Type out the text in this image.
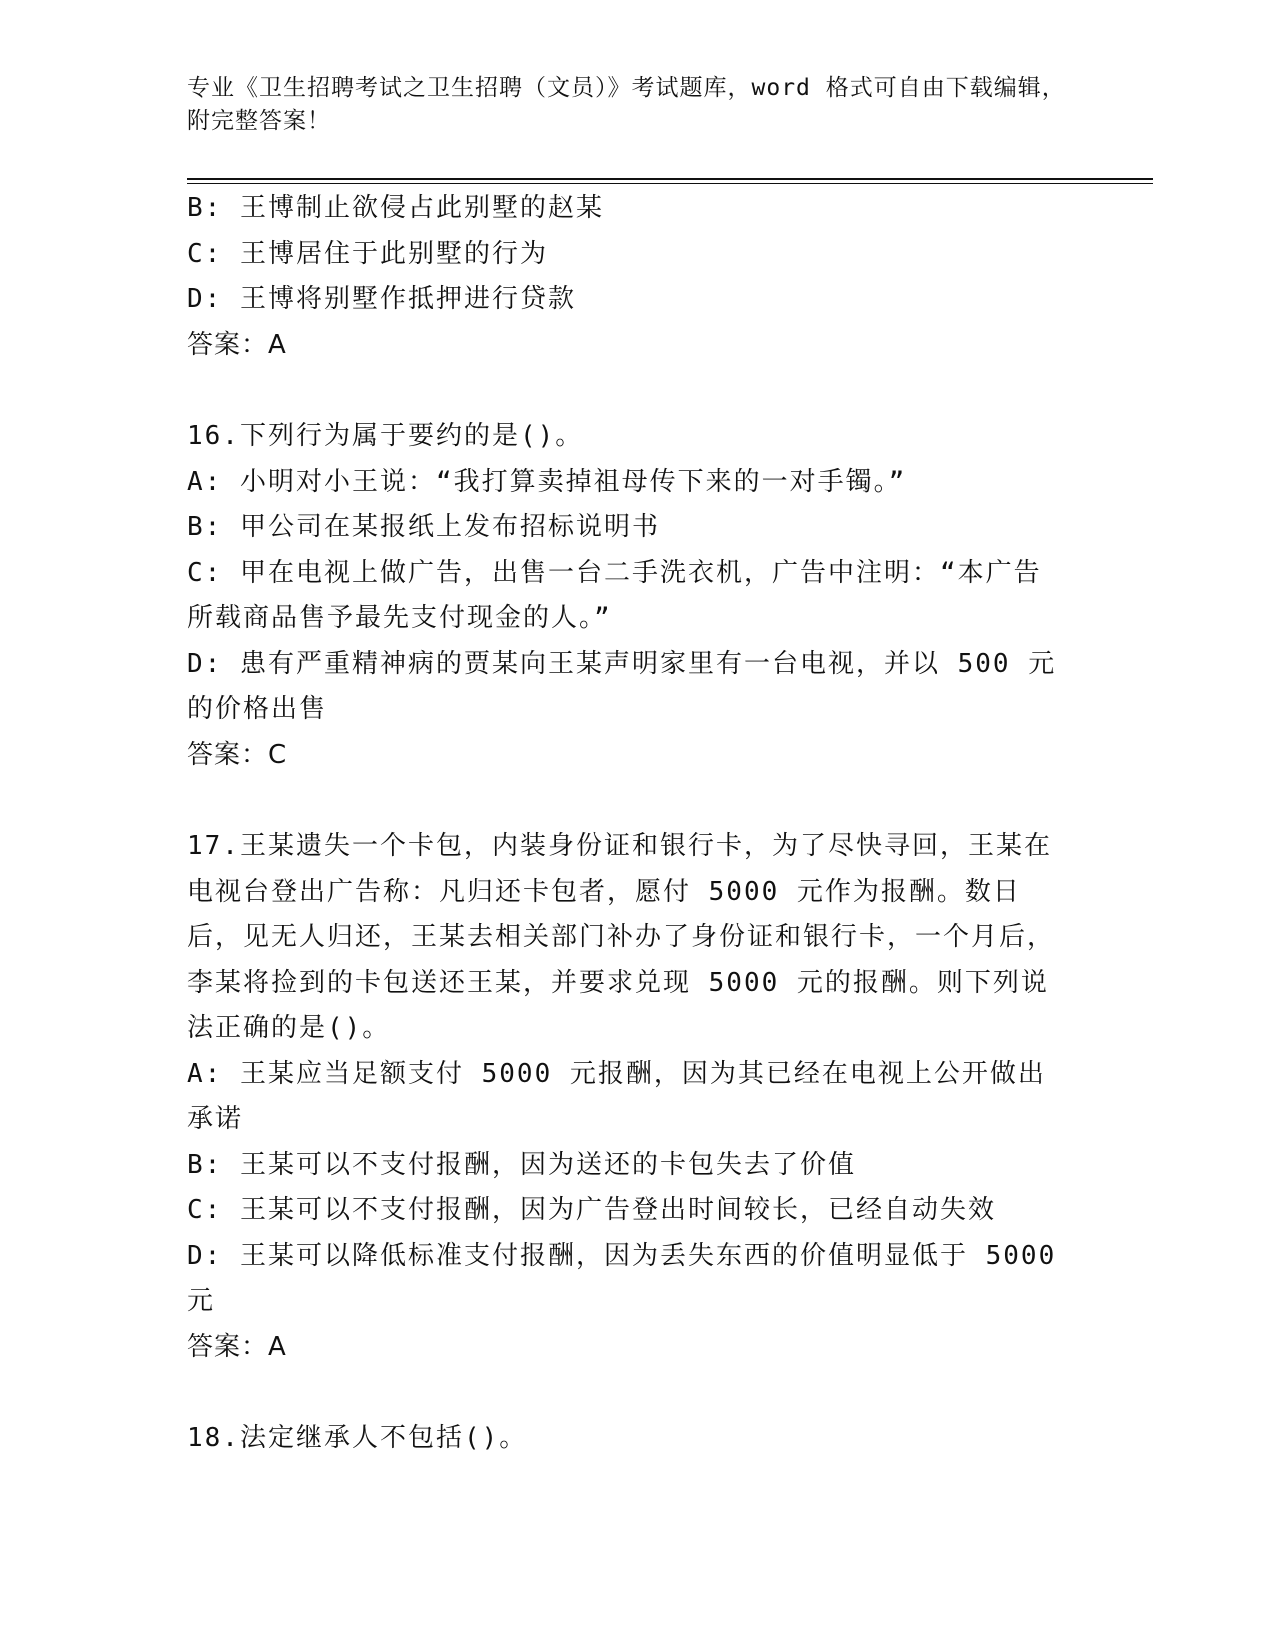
专业《卫生招聘考试之卫生招聘（文员）》考试题库，word 格式可自由下载编辑，附完整答案！

B: 王博制止欲侵占此别墅的赵某

C: 王博居住于此别墅的行为

D: 王博将别墅作抵押进行贷款

答案：A

16.下列行为属于要约的是()。

A: 小明对小王说：“我打算卖掉祖母传下来的一对手镯。”

B: 甲公司在某报纸上发布招标说明书

C: 甲在电视上做广告，出售一台二手洗衣机，广告中注明：“本广告所载商品售予最先支付现金的人。”

D: 患有严重精神病的贾某向王某声明家里有一台电视，并以 500 元的价格出售

答案：C

17.王某遗失一个卡包，内装身份证和银行卡，为了尽快寻回，王某在电视台登出广告称：凡归还卡包者，愿付 5000 元作为报酬。数日后，见无人归还，王某去相关部门补办了身份证和银行卡，一个月后，李某将捡到的卡包送还王某，并要求兑现 5000 元的报酬。则下列说法正确的是()。

A: 王某应当足额支付 5000 元报酬，因为其已经在电视上公开做出承诺

B: 王某可以不支付报酬，因为送还的卡包失去了价值

C: 王某可以不支付报酬，因为广告登出时间较长，已经自动失效

D: 王某可以降低标准支付报酬，因为丢失东西的价值明显低于 5000 元

答案：A

18.法定继承人不包括()。
